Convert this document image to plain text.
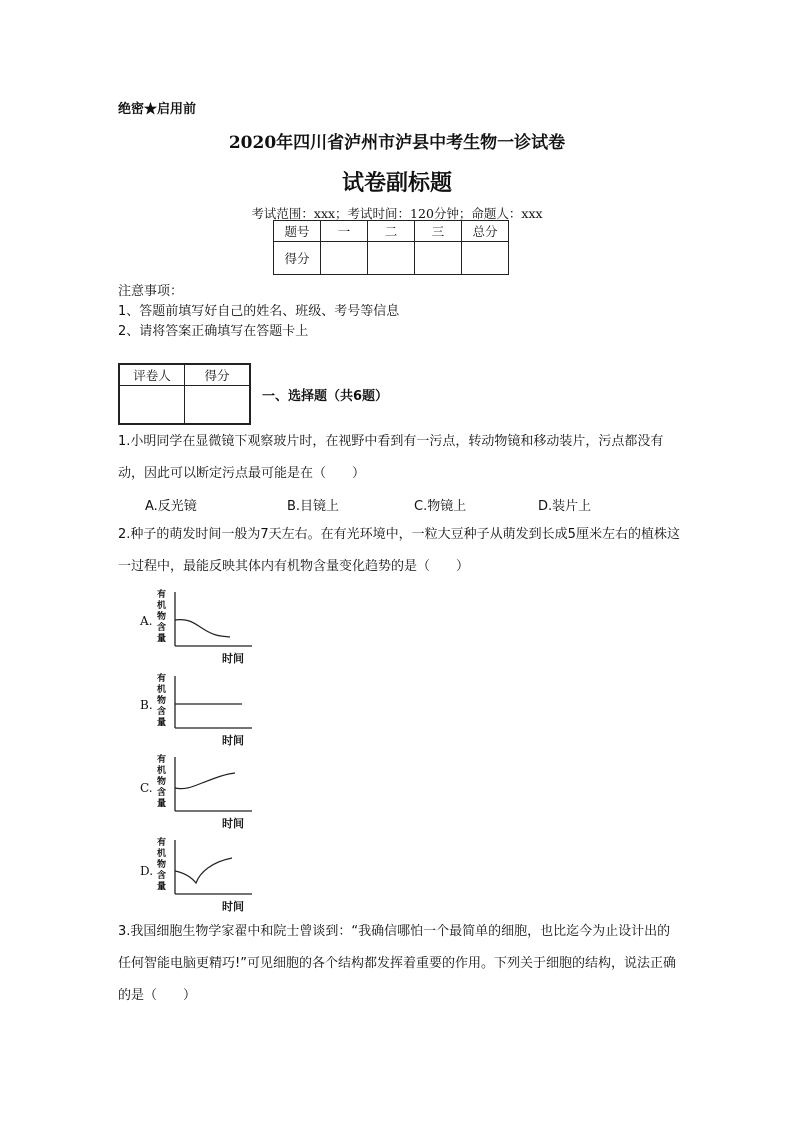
绝密★启用前
2020年四川省泸州市泸县中考生物一诊试卷
试卷副标题
考试范围：xxx；考试时间：120分钟；命题人：xxx
题号	一	二	三	总分
得分				
注意事项：
1、答题前填写好自己的姓名、班级、考号等信息
2、请将答案正确填写在答题卡上
评卷人	得分

一、选择题（共6题）
1.小明同学在显微镜下观察玻片时，在视野中看到有一污点，转动物镜和移动装片，污点都没有动，因此可以断定污点最可能是在（　　）
A.反光镜	B.目镜上	C.物镜上	D.装片上
2.种子的萌发时间一般为7天左右。在有光环境中，一粒大豆种子从萌发到长成5厘米左右的植株这一过程中，最能反映其体内有机物含量变化趋势的是（　　）
A.
有机物含量
时间
B.
有机物含量
时间
C.
有机物含量
时间
D.
有机物含量
时间
3.我国细胞生物学家翟中和院士曾谈到：“我确信哪怕一个最简单的细胞，也比迄今为止设计出的任何智能电脑更精巧!”可见细胞的各个结构都发挥着重要的作用。下列关于细胞的结构，说法正确的是（　　）
